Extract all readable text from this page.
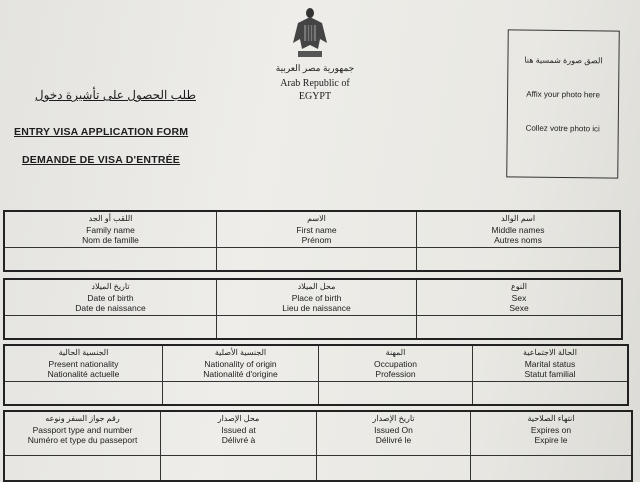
جمهورية مصر العربية
Arab Republic of
EGYPT
طلب الحصول على تأشيرة دخول
ENTRY VISA APPLICATION FORM
DEMANDE DE VISA D'ENTRÉE
الصق صورة شمسية هنا
Affix your photo here
Collez votre photo ici
اللقب أو الجد
Family name
Nom de famille
الاسم
First name
Prénom
اسم الوالد
Middle names
Autres noms
تاريخ الميلاد
Date of birth
Date de naissance
محل الميلاد
Place of birth
Lieu de naissance
النوع
Sex
Sexe
الجنسية الحالية
Present nationality
Nationalité actuelle
الجنسية الأصلية
Nationality of origin
Nationalité d'origine
المهنة
Occupation
Profession
الحالة الاجتماعية
Marital status
Statut familial
رقم جواز السفر ونوعه
Passport type and number
Numéro et type du passeport
محل الإصدار
Issued at
Délivré à
تاريخ الإصدار
Issued On
Délivré le
انتهاء الصلاحية
Expires on
Expire le
